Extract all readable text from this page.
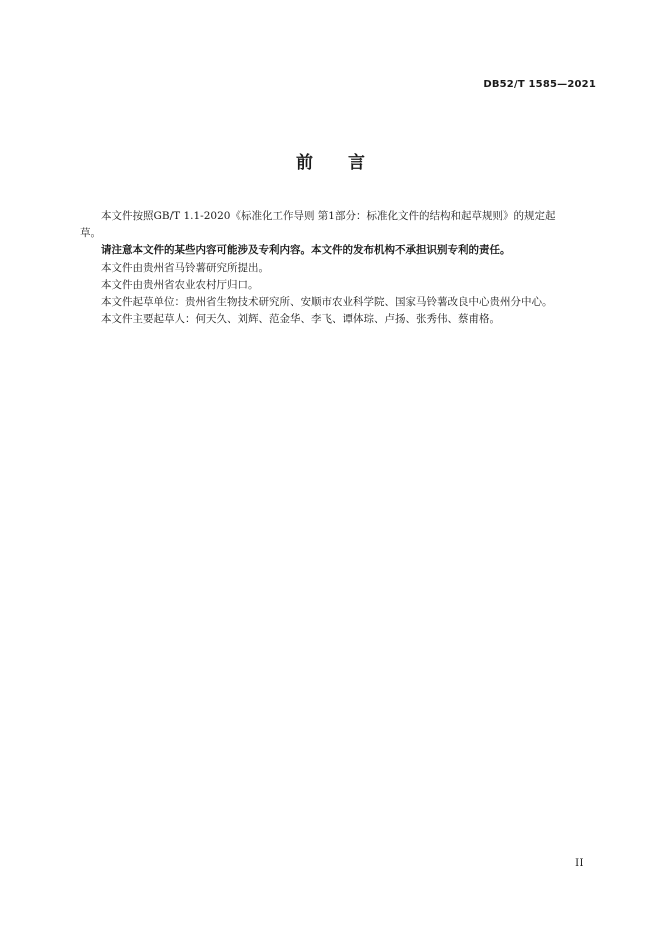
DB52/T 1585—2021
前 言

本文件按照GB/T 1.1-2020《标准化工作导则 第1部分：标准化文件的结构和起草规则》的规定起
草。

请注意本文件的某些内容可能涉及专利内容。本文件的发布机构不承担识别专利的责任。

本文件由贵州省马铃薯研究所提出。

本文件由贵州省农业农村厅归口。

本文件起草单位：贵州省生物技术研究所、安顺市农业科学院、国家马铃薯改良中心贵州分中心。

本文件主要起草人：何天久、刘辉、范金华、李飞、谭体琮、卢扬、张秀伟、蔡甫格。

II
